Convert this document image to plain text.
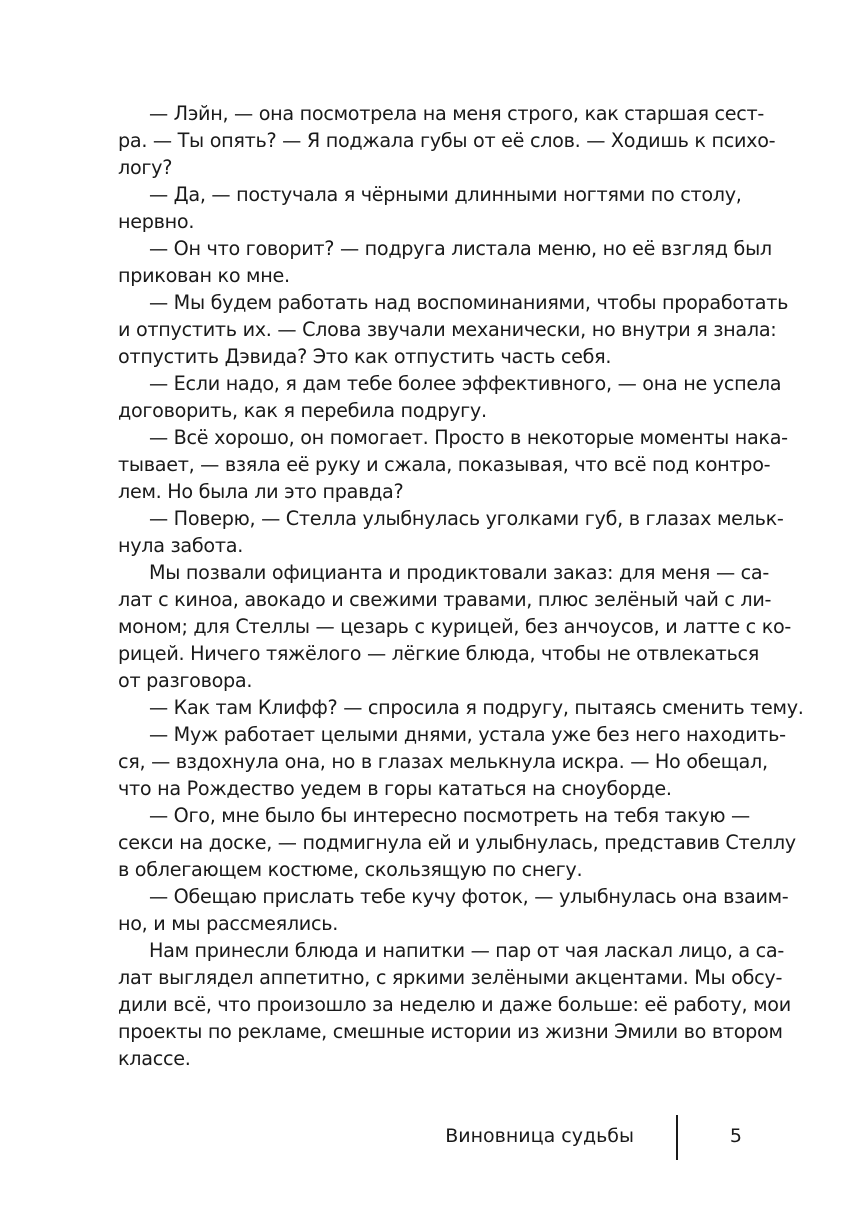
— Лэйн, — она посмотрела на меня строго, как старшая сест-
ра. — Ты опять? — Я поджала губы от её слов. — Ходишь к психо-
логу?
— Да, — постучала я чёрными длинными ногтями по столу,
нервно.
— Он что говорит? — подруга листала меню, но её взгляд был
прикован ко мне.
— Мы будем работать над воспоминаниями, чтобы проработать
и отпустить их. — Слова звучали механически, но внутри я знала:
отпустить Дэвида? Это как отпустить часть себя.
— Если надо, я дам тебе более эффективного, — она не успела
договорить, как я перебила подругу.
— Всё хорошо, он помогает. Просто в некоторые моменты нака-
тывает, — взяла её руку и сжала, показывая, что всё под контро-
лем. Но была ли это правда?
— Поверю, — Стелла улыбнулась уголками губ, в глазах мельк-
нула забота.
Мы позвали официанта и продиктовали заказ: для меня — са-
лат с киноа, авокадо и свежими травами, плюс зелёный чай с ли-
моном; для Стеллы — цезарь с курицей, без анчоусов, и латте с ко-
рицей. Ничего тяжёлого — лёгкие блюда, чтобы не отвлекаться
от разговора.
— Как там Клифф? — спросила я подругу, пытаясь сменить тему.
— Муж работает целыми днями, устала уже без него находить-
ся, — вздохнула она, но в глазах мелькнула искра. — Но обещал,
что на Рождество уедем в горы кататься на сноуборде.
— Ого, мне было бы интересно посмотреть на тебя такую —
секси на доске, — подмигнула ей и улыбнулась, представив Стеллу
в облегающем костюме, скользящую по снегу.
— Обещаю прислать тебе кучу фоток, — улыбнулась она взаим-
но, и мы рассмеялись.
Нам принесли блюда и напитки — пар от чая ласкал лицо, а са-
лат выглядел аппетитно, с яркими зелёными акцентами. Мы обсу-
дили всё, что произошло за неделю и даже больше: её работу, мои
проекты по рекламе, смешные истории из жизни Эмили во втором
классе.
Виновница судьбы	5
